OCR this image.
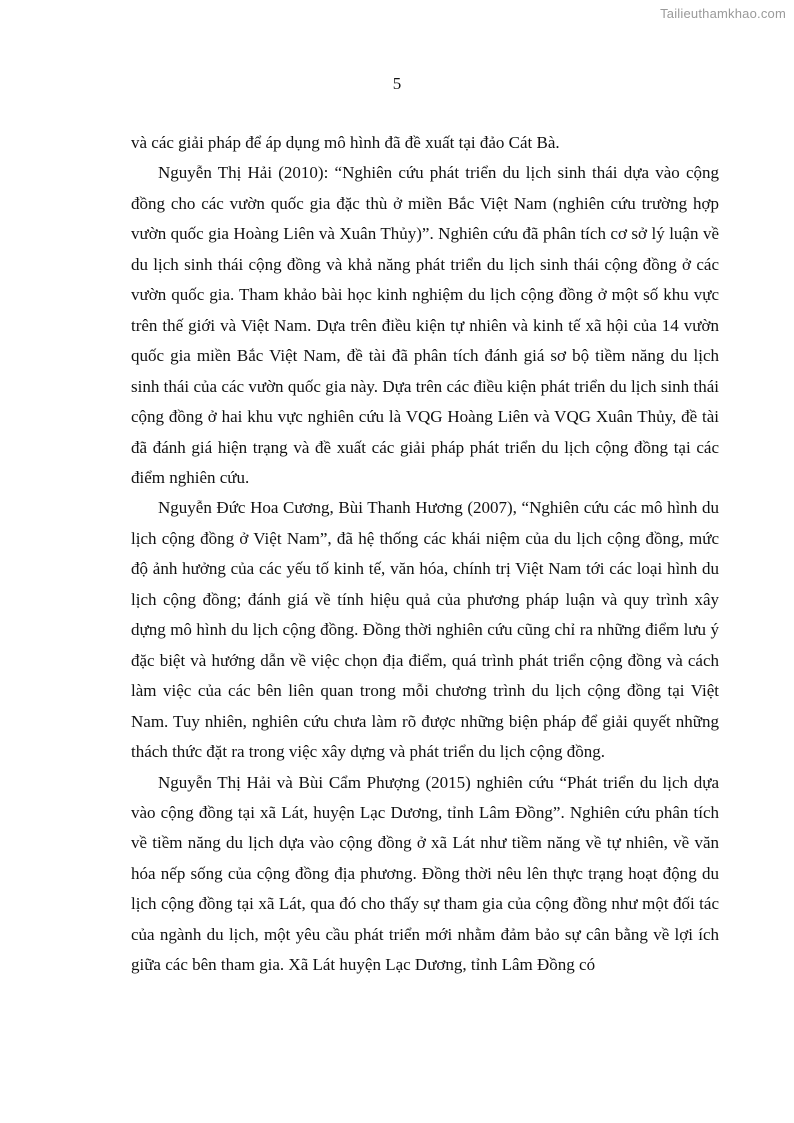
Tailieuthamkhao.com
5

và các giải pháp để áp dụng mô hình đã đề xuất tại đảo Cát Bà.

Nguyễn Thị Hải (2010): “Nghiên cứu phát triển du lịch sinh thái dựa vào cộng đồng cho các vườn quốc gia đặc thù ở miền Bắc Việt Nam (nghiên cứu trường hợp vườn quốc gia Hoàng Liên và Xuân Thủy)”. Nghiên cứu đã phân tích cơ sở lý luận về du lịch sinh thái cộng đồng và khả năng phát triển du lịch sinh thái cộng đồng ở các vườn quốc gia. Tham khảo bài học kinh nghiệm du lịch cộng đồng ở một số khu vực trên thế giới và Việt Nam. Dựa trên điều kiện tự nhiên và kinh tế xã hội của 14 vườn quốc gia miền Bắc Việt Nam, đề tài đã phân tích đánh giá sơ bộ tiềm năng du lịch sinh thái của các vườn quốc gia này. Dựa trên các điều kiện phát triển du lịch sinh thái cộng đồng ở hai khu vực nghiên cứu là VQG Hoàng Liên và VQG Xuân Thủy, đề tài đã đánh giá hiện trạng và đề xuất các giải pháp phát triển du lịch cộng đồng tại các điểm nghiên cứu.

Nguyễn Đức Hoa Cương, Bùi Thanh Hương (2007), “Nghiên cứu các mô hình du lịch cộng đồng ở Việt Nam”, đã hệ thống các khái niệm của du lịch cộng đồng, mức độ ảnh hưởng của các yếu tố kinh tế, văn hóa, chính trị Việt Nam tới các loại hình du lịch cộng đồng; đánh giá về tính hiệu quả của phương pháp luận và quy trình xây dựng mô hình du lịch cộng đồng. Đồng thời nghiên cứu cũng chỉ ra những điểm lưu ý đặc biệt và hướng dẫn về việc chọn địa điểm, quá trình phát triển cộng đồng và cách làm việc của các bên liên quan trong mỗi chương trình du lịch cộng đồng tại Việt Nam. Tuy nhiên, nghiên cứu chưa làm rõ được những biện pháp để giải quyết những thách thức đặt ra trong việc xây dựng và phát triển du lịch cộng đồng.

Nguyễn Thị Hải và Bùi Cẩm Phượng (2015) nghiên cứu “Phát triển du lịch dựa vào cộng đồng tại xã Lát, huyện Lạc Dương, tỉnh Lâm Đồng”. Nghiên cứu phân tích về tiềm năng du lịch dựa vào cộng đồng ở xã Lát như tiềm năng về tự nhiên, về văn hóa nếp sống của cộng đồng địa phương. Đồng thời nêu lên thực trạng hoạt động du lịch cộng đồng tại xã Lát, qua đó cho thấy sự tham gia của cộng đồng như một đối tác của ngành du lịch, một yêu cầu phát triển mới nhằm đảm bảo sự cân bằng về lợi ích giữa các bên tham gia. Xã Lát huyện Lạc Dương, tỉnh Lâm Đồng có
